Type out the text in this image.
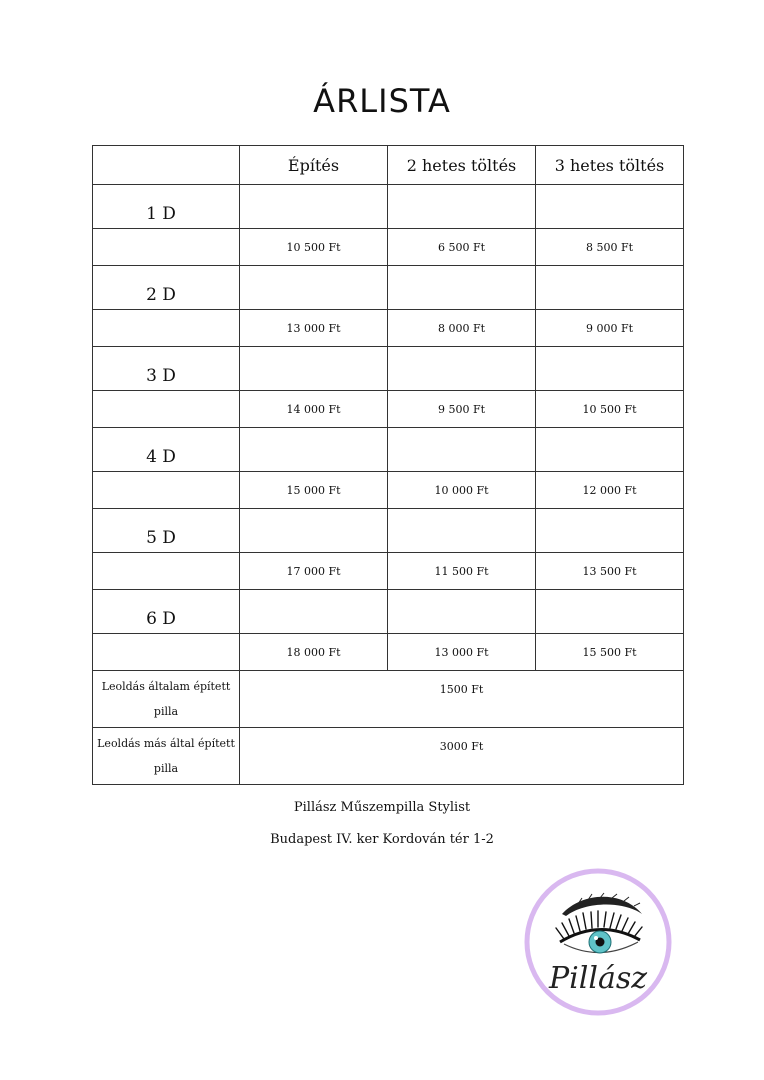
ÁRLISTA
	Építés	2 hetes töltés	3 hetes töltés
1 D			
	10 500 Ft	6 500 Ft	8 500 Ft
2 D			
	13 000 Ft	8 000 Ft	9 000 Ft
3 D			
	14 000 Ft	9 500 Ft	10 500 Ft
4 D			
	15 000 Ft	10 000 Ft	12 000 Ft
5 D			
	17 000 Ft	11 500 Ft	13 500 Ft
6 D			
	18 000 Ft	13 000 Ft	15 500 Ft
Leoldás általam épített pilla	1500 Ft		
Leoldás más által épített pilla	3000 Ft		
Pillász Műszempilla Stylist
Budapest IV. ker Kordován tér 1-2
Pillász
